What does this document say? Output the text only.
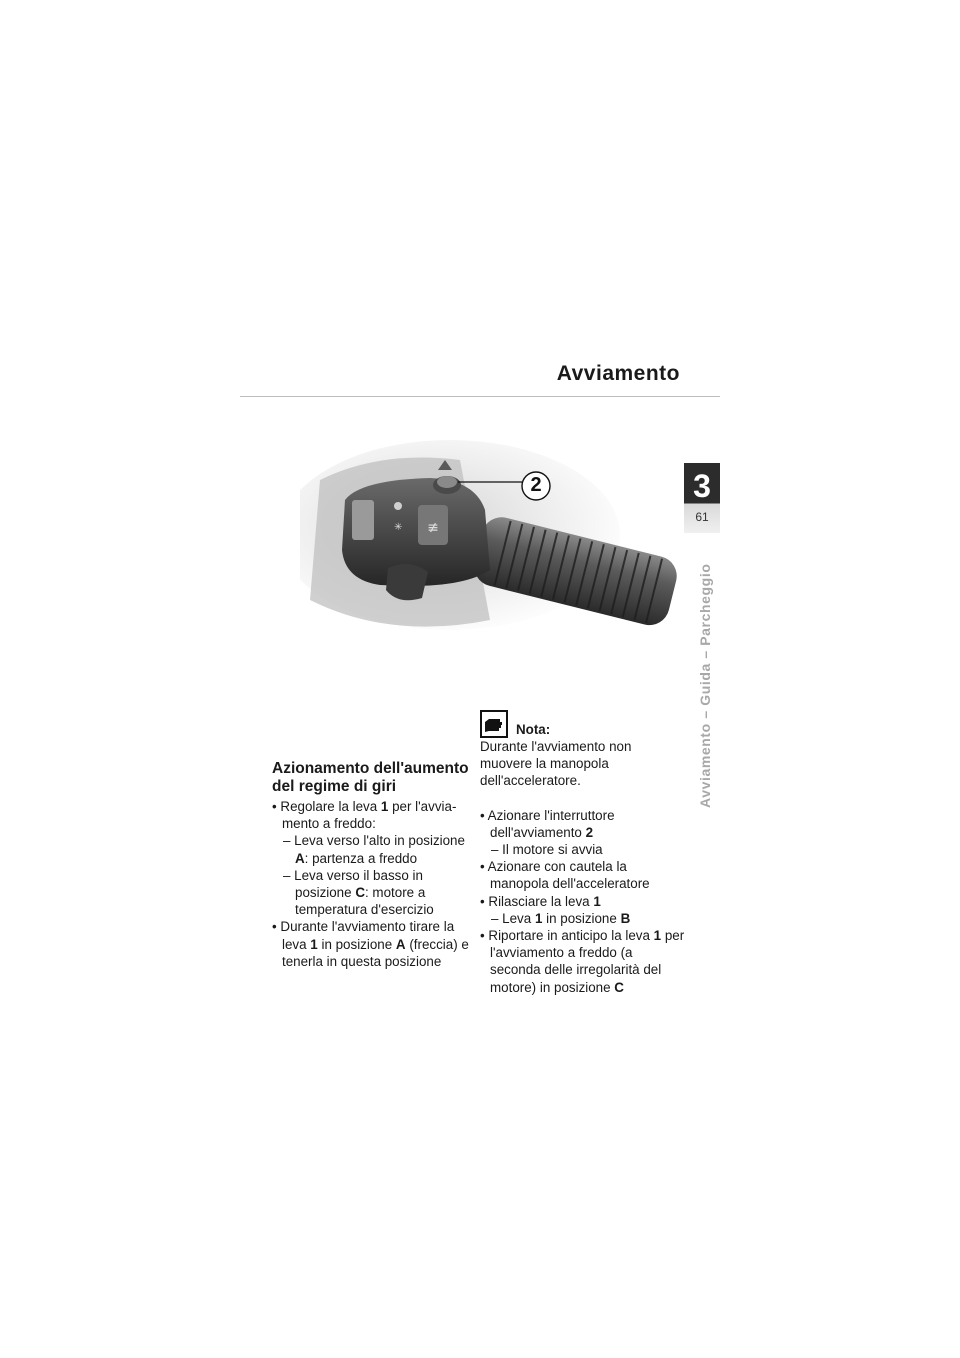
Avviamento
3
61
Avviamento – Guida – Parcheggio
≢
✳
2
Azionamento dell'aumento
del regime di giri
• Regolare la leva 1 per l'avvia-mento a freddo:
– Leva verso l'alto in posizione A: partenza a freddo
– Leva verso il basso in posizione C: motore a temperatura d'esercizio
• Durante l'avviamento tirare la leva 1 in posizione A (freccia) e tenerla in questa posizione
Nota:
Durante l'avviamento non muovere la manopola dell'acceleratore.
• Azionare l'interruttore dell'avviamento 2
– Il motore si avvia
• Azionare con cautela la manopola dell'acceleratore
• Rilasciare la leva 1
– Leva 1 in posizione B
• Riportare in anticipo la leva 1 per l'avviamento a freddo (a seconda delle irregolarità del motore) in posizione C
